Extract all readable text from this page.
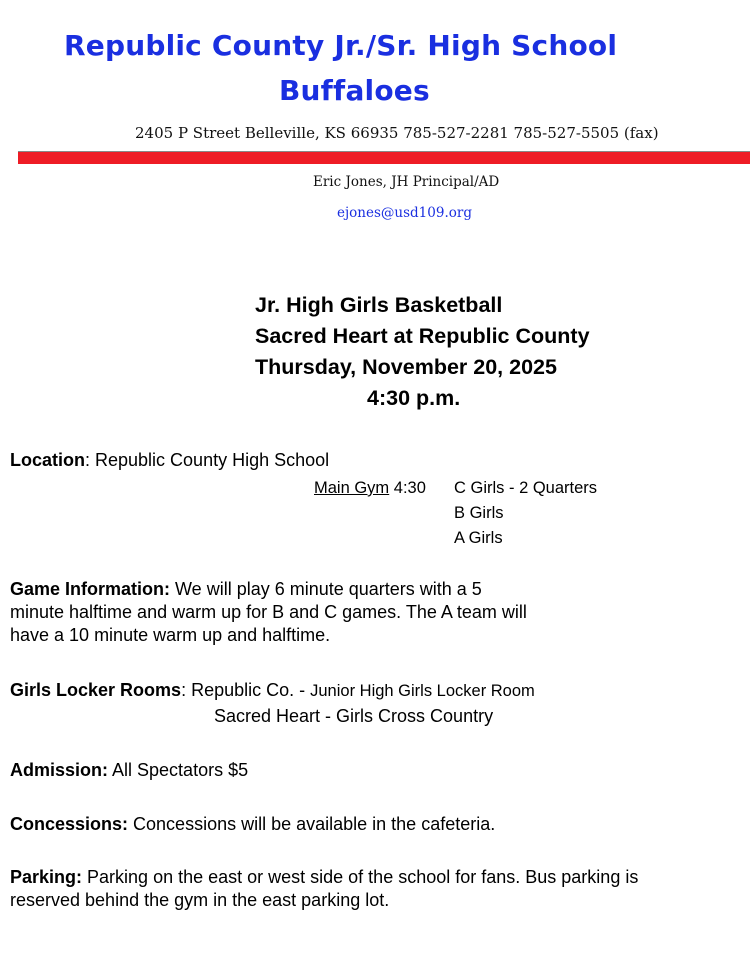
Republic County Jr./Sr. High School
Buffaloes
2405 P Street Belleville, KS 66935 785-527-2281 785-527-5505 (fax)
Eric Jones, JH Principal/AD
ejones@usd109.org
Jr. High Girls Basketball
Sacred Heart at Republic County
Thursday, November 20, 2025
4:30 p.m.
Location: Republic County High School
Main Gym 4:30 C Girls - 2 Quarters
B Girls
A Girls
Game Information: We will play 6 minute quarters with a 5
minute halftime and warm up for B and C games. The A team will
have a 10 minute warm up and halftime.
Girls Locker Rooms: Republic Co. - Junior High Girls Locker Room
Sacred Heart - Girls Cross Country
Admission: All Spectators $5
Concessions: Concessions will be available in the cafeteria.
Parking: Parking on the east or west side of the school for fans. Bus parking is
reserved behind the gym in the east parking lot.
